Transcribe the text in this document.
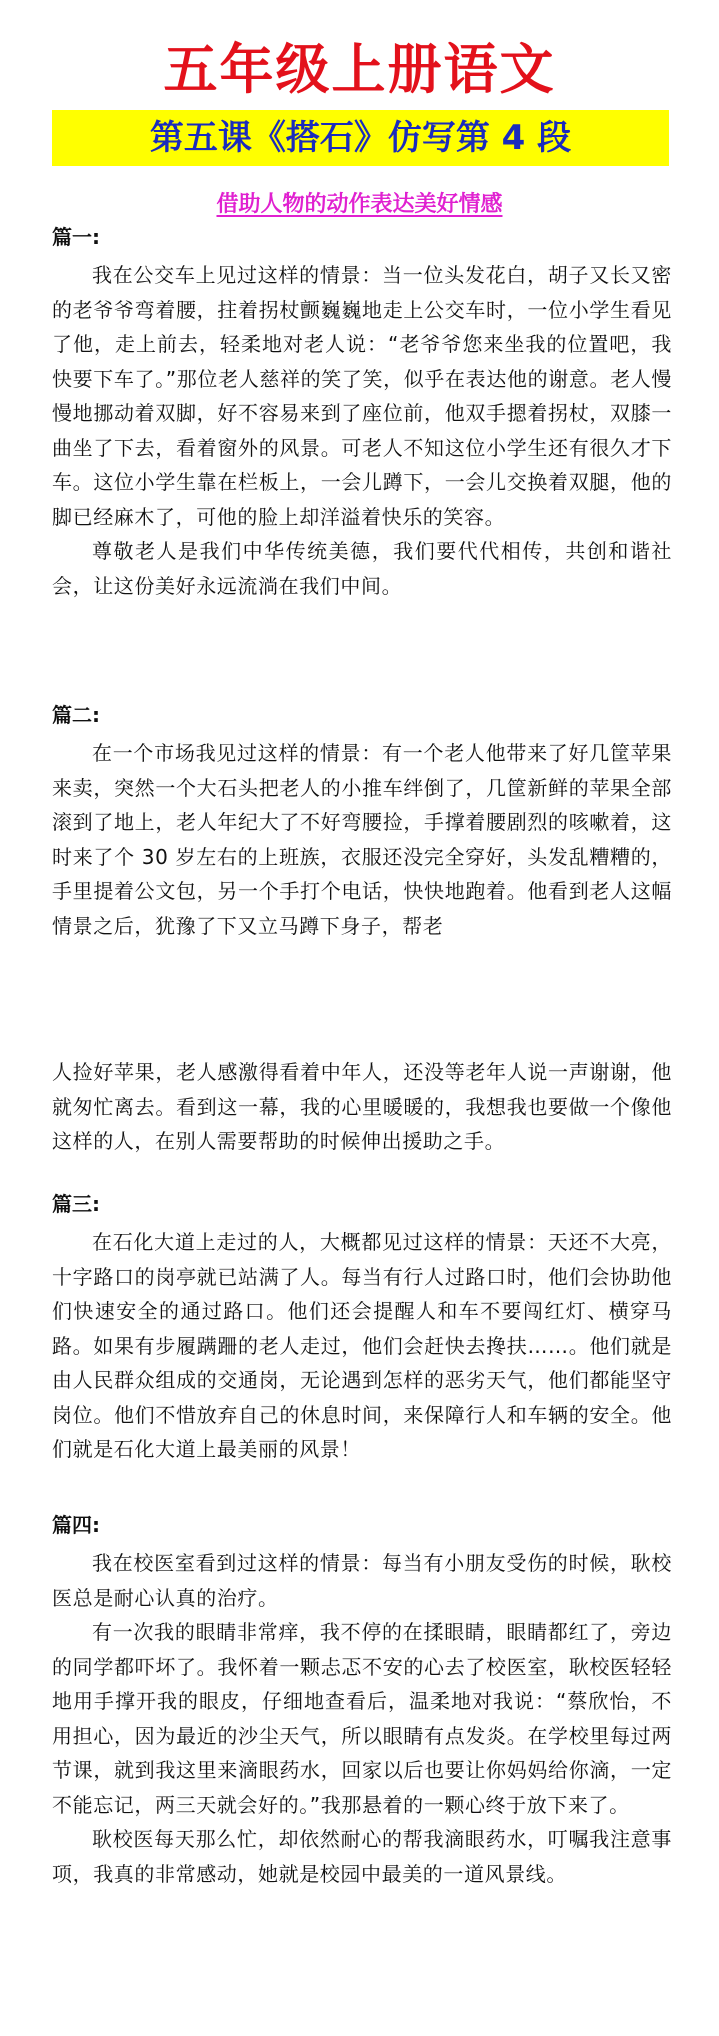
五年级上册语文
第五课《搭石》仿写第 4 段
借助人物的动作表达美好情感

篇一:

我在公交车上见过这样的情景：当一位头发花白，胡子又长又密的老爷爷弯着腰，拄着拐杖颤巍巍地走上公交车时，一位小学生看见了他，走上前去，轻柔地对老人说：“老爷爷您来坐我的位置吧，我快要下车了。”那位老人慈祥的笑了笑，似乎在表达他的谢意。老人慢慢地挪动着双脚，好不容易来到了座位前，他双手摁着拐杖，双膝一曲坐了下去，看着窗外的风景。可老人不知这位小学生还有很久才下车。这位小学生靠在栏板上，一会儿蹲下，一会儿交换着双腿，他的脚已经麻木了，可他的脸上却洋溢着快乐的笑容。

尊敬老人是我们中华传统美德，我们要代代相传，共创和谐社会，让这份美好永远流淌在我们中间。

篇二:

在一个市场我见过这样的情景：有一个老人他带来了好几筐苹果来卖，突然一个大石头把老人的小推车绊倒了，几筐新鲜的苹果全部滚到了地上，老人年纪大了不好弯腰捡，手撑着腰剧烈的咳嗽着，这时来了个 30 岁左右的上班族，衣服还没完全穿好，头发乱糟糟的，手里提着公文包，另一个手打个电话，快快地跑着。他看到老人这幅情景之后，犹豫了下又立马蹲下身子，帮老

人捡好苹果，老人感激得看着中年人，还没等老年人说一声谢谢，他就匆忙离去。看到这一幕，我的心里暖暖的，我想我也要做一个像他这样的人，在别人需要帮助的时候伸出援助之手。

篇三:

在石化大道上走过的人，大概都见过这样的情景：天还不大亮，十字路口的岗亭就已站满了人。每当有行人过路口时，他们会协助他们快速安全的通过路口。他们还会提醒人和车不要闯红灯、横穿马路。如果有步履蹒跚的老人走过，他们会赶快去搀扶……。他们就是由人民群众组成的交通岗，无论遇到怎样的恶劣天气，他们都能坚守岗位。他们不惜放弃自己的休息时间，来保障行人和车辆的安全。他们就是石化大道上最美丽的风景！

篇四:

我在校医室看到过这样的情景：每当有小朋友受伤的时候，耿校医总是耐心认真的治疗。

有一次我的眼睛非常痒，我不停的在揉眼睛，眼睛都红了，旁边的同学都吓坏了。我怀着一颗忐忑不安的心去了校医室，耿校医轻轻地用手撑开我的眼皮，仔细地查看后，温柔地对我说：“蔡欣怡，不用担心，因为最近的沙尘天气，所以眼睛有点发炎。在学校里每过两节课，就到我这里来滴眼药水，回家以后也要让你妈妈给你滴，一定不能忘记，两三天就会好的。”我那悬着的一颗心终于放下来了。

耿校医每天那么忙，却依然耐心的帮我滴眼药水，叮嘱我注意事项，我真的非常感动，她就是校园中最美的一道风景线。
